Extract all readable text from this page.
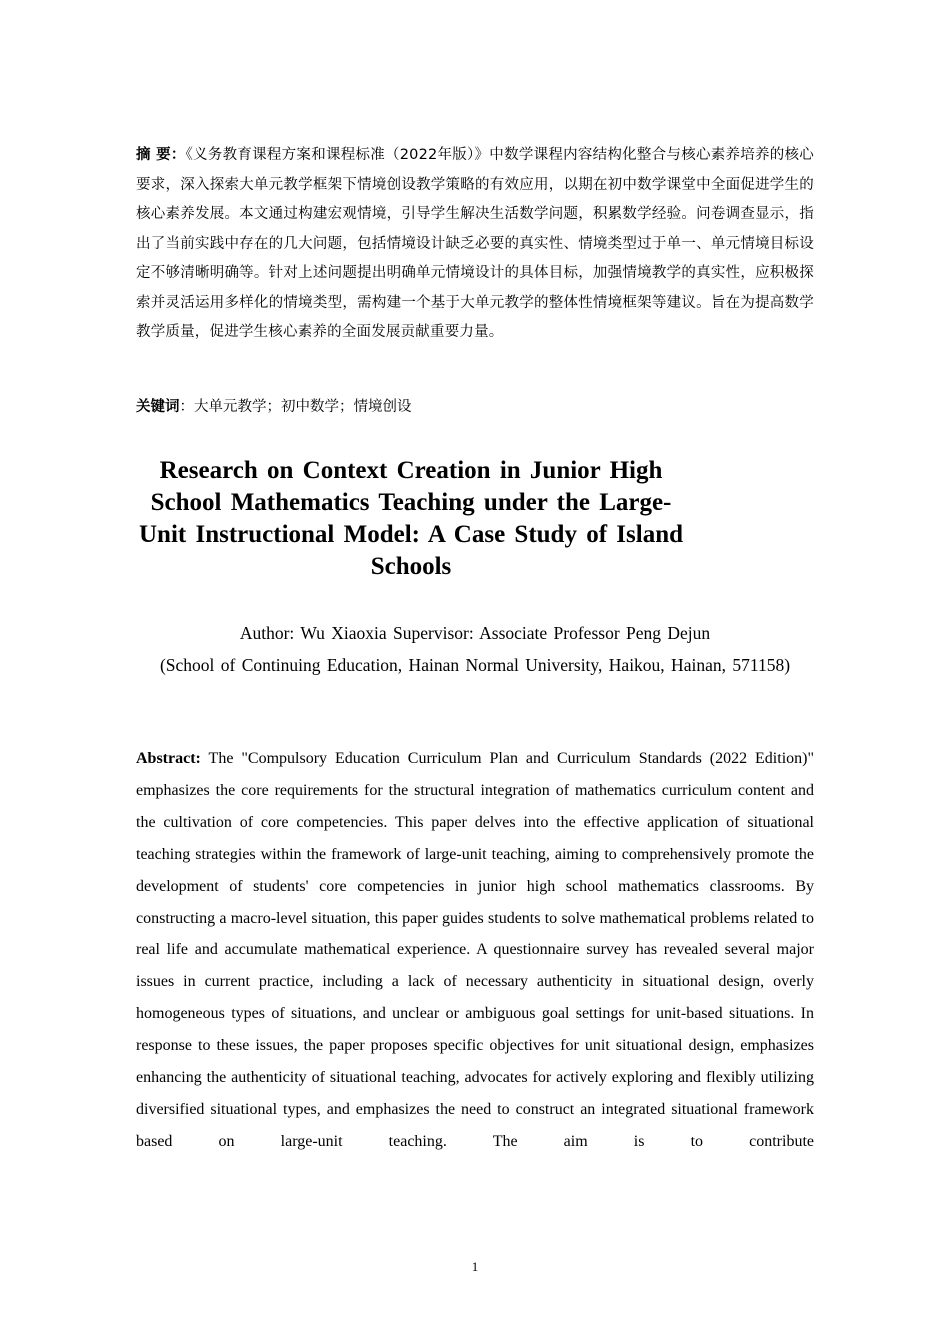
摘 要：《义务教育课程方案和课程标准（2022年版）》中数学课程内容结构化整合与核心素养培养的核心要求，深入探索大单元教学框架下情境创设教学策略的有效应用，以期在初中数学课堂中全面促进学生的核心素养发展。本文通过构建宏观情境，引导学生解决生活数学问题，积累数学经验。问卷调查显示，指出了当前实践中存在的几大问题，包括情境设计缺乏必要的真实性、情境类型过于单一、单元情境目标设定不够清晰明确等。针对上述问题提出明确单元情境设计的具体目标，加强情境教学的真实性，应积极探索并灵活运用多样化的情境类型，需构建一个基于大单元教学的整体性情境框架等建议。旨在为提高数学教学质量，促进学生核心素养的全面发展贡献重要力量。

关键词：大单元教学；初中数学；情境创设

Research on Context Creation in Junior High School Mathematics Teaching under the Large-Unit Instructional Model: A Case Study of Island Schools

Author: Wu Xiaoxia Supervisor: Associate Professor Peng Dejun

(School of Continuing Education, Hainan Normal University, Haikou, Hainan, 571158)

Abstract: The "Compulsory Education Curriculum Plan and Curriculum Standards (2022 Edition)" emphasizes the core requirements for the structural integration of mathematics curriculum content and the cultivation of core competencies. This paper delves into the effective application of situational teaching strategies within the framework of large-unit teaching, aiming to comprehensively promote the development of students' core competencies in junior high school mathematics classrooms. By constructing a macro-level situation, this paper guides students to solve mathematical problems related to real life and accumulate mathematical experience. A questionnaire survey has revealed several major issues in current practice, including a lack of necessary authenticity in situational design, overly homogeneous types of situations, and unclear or ambiguous goal settings for unit-based situations. In response to these issues, the paper proposes specific objectives for unit situational design, emphasizes enhancing the authenticity of situational teaching, advocates for actively exploring and flexibly utilizing diversified situational types, and emphasizes the need to construct an integrated situational framework based on large-unit teaching. The aim is to contribute

1
